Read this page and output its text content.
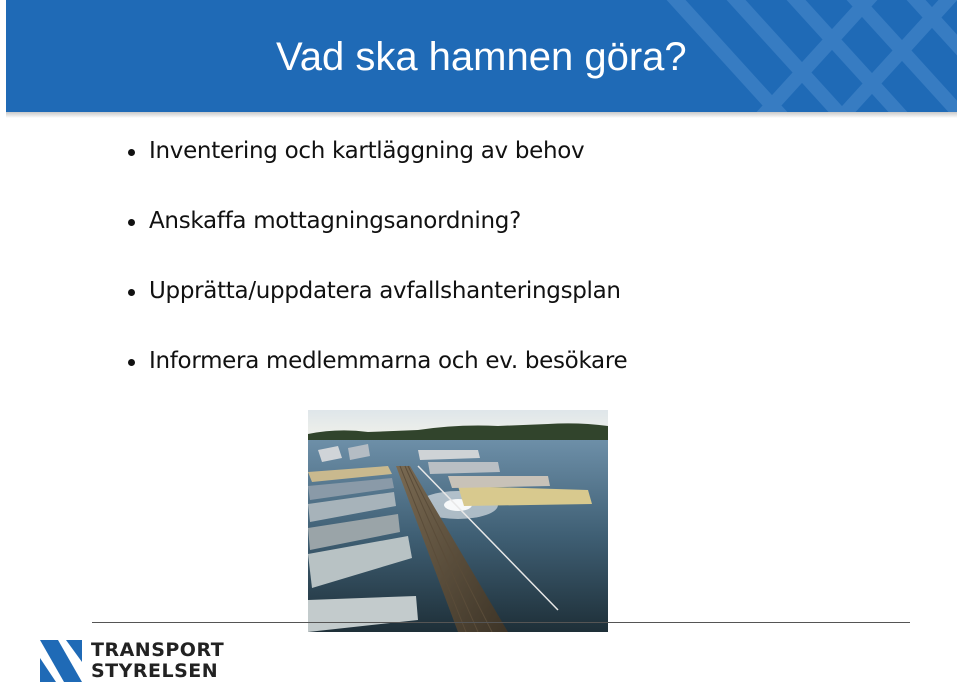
Vad ska hamnen göra?
Inventering och kartläggning av behov
Anskaffa mottagningsanordning?
Upprätta/uppdatera avfallshanteringsplan
Informera medlemmarna och ev. besökare
TRANSPORT
STYRELSEN
